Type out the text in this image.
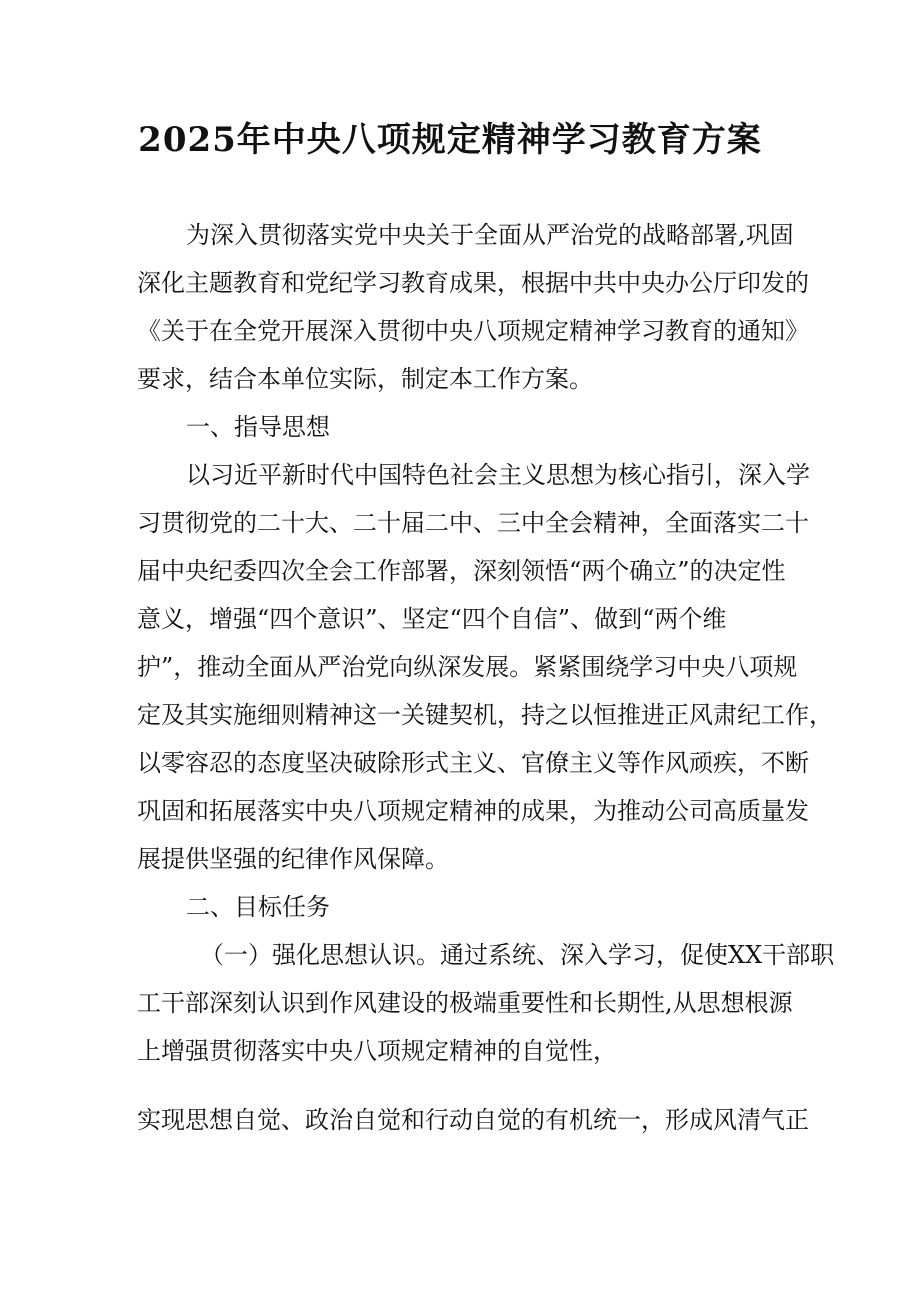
2025年中央八项规定精神学习教育方案

为深入贯彻落实党中央关于全面从严治党的战略部署,巩固

深化主题教育和党纪学习教育成果，根据中共中央办公厅印发的

《关于在全党开展深入贯彻中央八项规定精神学习教育的通知》

要求，结合本单位实际，制定本工作方案。

一、指导思想

以习近平新时代中国特色社会主义思想为核心指引，深入学

习贯彻党的二十大、二十届二中、三中全会精神，全面落实二十

届中央纪委四次全会工作部署，深刻领悟“两个确立”的决定性

意义，增强“四个意识”、坚定“四个自信”、做到“两个维

护”，推动全面从严治党向纵深发展。紧紧围绕学习中央八项规

定及其实施细则精神这一关键契机，持之以恒推进正风肃纪工作，

以零容忍的态度坚决破除形式主义、官僚主义等作风顽疾，不断

巩固和拓展落实中央八项规定精神的成果，为推动公司高质量发

展提供坚强的纪律作风保障。

二、目标任务

（一）强化思想认识。通过系统、深入学习，促使XX干部职

工干部深刻认识到作风建设的极端重要性和长期性,从思想根源

上增强贯彻落实中央八项规定精神的自觉性，

实现思想自觉、政治自觉和行动自觉的有机统一，形成风清气正
